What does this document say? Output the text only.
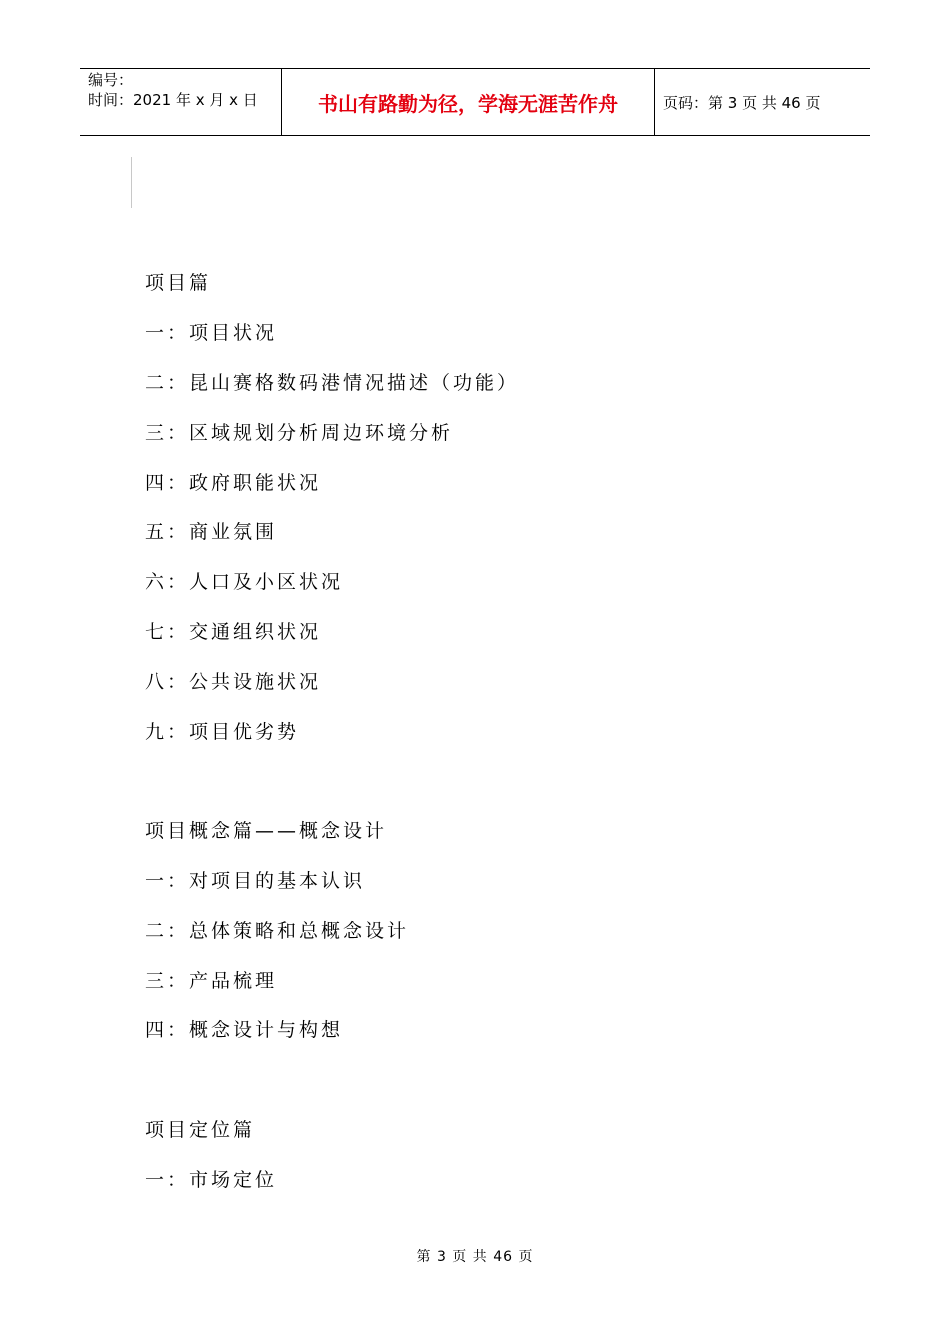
编号：
时间：2021 年 x 月 x 日	书山有路勤为径，学海无涯苦作舟	页码：第 3 页 共 46 页
项目篇
一：项目状况
二：昆山赛格数码港情况描述（功能）
三：区域规划分析周边环境分析
四：政府职能状况
五：商业氛围
六：人口及小区状况
七：交通组织状况
八：公共设施状况
九：项目优劣势
项目概念篇——概念设计
一：对项目的基本认识
二：总体策略和总概念设计
三：产品梳理
四：概念设计与构想
项目定位篇
一：市场定位
第 3 页 共 46 页
